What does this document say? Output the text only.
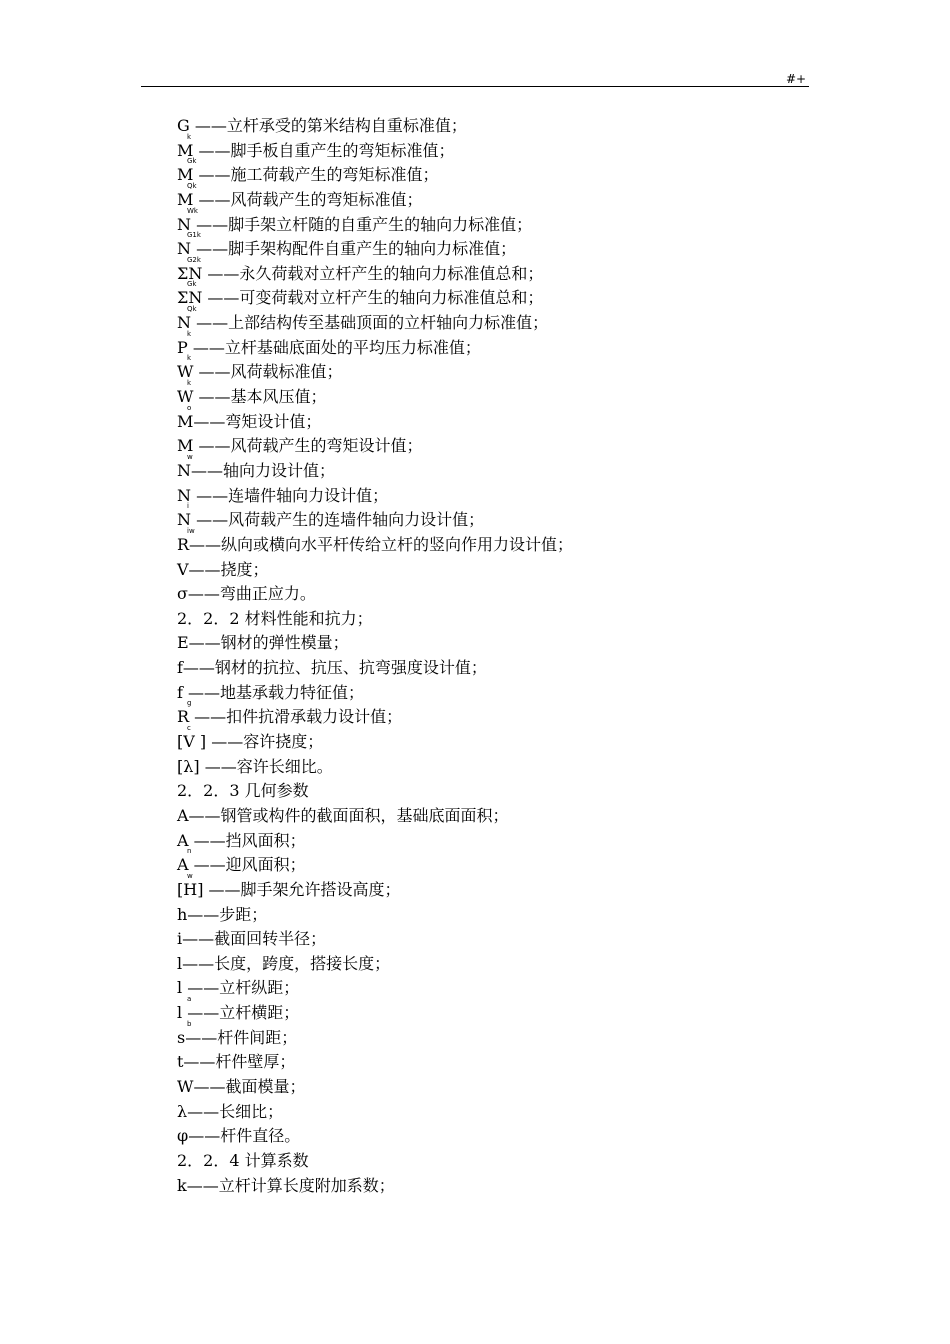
#+
G ——立杆承受的第米结构自重标准值；
M ——脚手板自重产生的弯矩标准值；
k
M ——施工荷载产生的弯矩标准值；
Gk
M ——风荷载产生的弯矩标准值；
Qk
N ——脚手架立杆随的自重产生的轴向力标准值；
Wk
N ——脚手架构配件自重产生的轴向力标准值；
G1k
ΣN ——永久荷载对立杆产生的轴向力标准值总和；
G2k
ΣN ——可变荷载对立杆产生的轴向力标准值总和；
Gk
N ——上部结构传至基础顶面的立杆轴向力标准值；
Qk
P ——立杆基础底面处的平均压力标准值；
k
W ——风荷载标准值；
k
W ——基本风压值；
k
M——弯矩设计值；
o
M ——风荷载产生的弯矩设计值；
N——轴向力设计值；
w
N ——连墙件轴向力设计值；
N ——风荷载产生的连墙件轴向力设计值；
i
R——纵向或横向水平杆传给立杆的竖向作用力设计值；
iw
V——挠度；
σ——弯曲正应力。
2．2．2 材料性能和抗力；
E——钢材的弹性模量；
f——钢材的抗拉、抗压、抗弯强度设计值；
f ——地基承载力特征值；
R ——扣件抗滑承载力设计值；
g
[V ] ——容许挠度；
c
[λ] ——容许长细比。
2．2．3 几何参数
A——钢管或构件的截面面积，基础底面面积；
A ——挡风面积；
A ——迎风面积；
n
[H] ——脚手架允许搭设高度；
w
h——步距；
i——截面回转半径；
l——长度，跨度，搭接长度；
l ——立杆纵距；
l ——立杆横距；
a
s——杆件间距；
b
t——杆件壁厚；
W——截面模量；
λ——长细比；
φ——杆件直径。
2．2．4 计算系数
k——立杆计算长度附加系数；
